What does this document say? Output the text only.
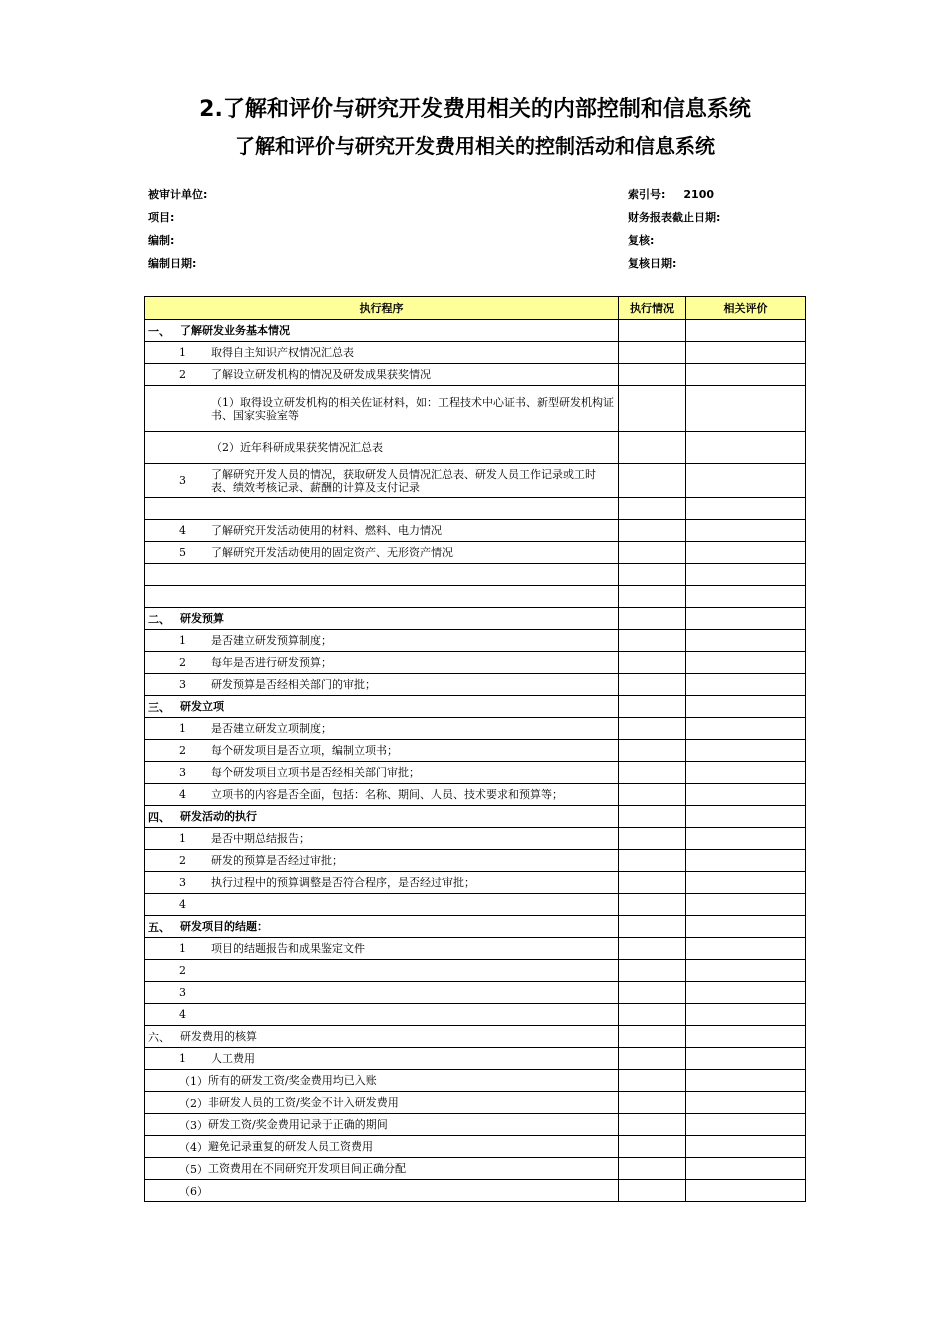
2.了解和评价与研究开发费用相关的内部控制和信息系统
了解和评价与研究开发费用相关的控制活动和信息系统
被审计单位:
项目:
编制:
编制日期:
索引号: 2100
财务报表截止日期:
复核:
复核日期:
执行程序	执行情况	相关评价

一、 了解研发业务基本情况		

1 取得自主知识产权情况汇总表		

2 了解设立研发机构的情况及研发成果获奖情况		

（1）取得设立研发机构的相关佐证材料，如：工程技术中心证书、新型研发机构证书、国家实验室等		

（2）近年科研成果获奖情况汇总表		

3 了解研究开发人员的情况，获取研发人员情况汇总表、研发人员工作记录或工时表、绩效考核记录、薪酬的计算及支付记录		

4 了解研究开发活动使用的材料、燃料、电力情况		

5 了解研究开发活动使用的固定资产、无形资产情况		

二、 研发预算		

1 是否建立研发预算制度；		

2 每年是否进行研发预算；		

3 研发预算是否经相关部门的审批；		

三、 研发立项		

1 是否建立研发立项制度；		

2 每个研发项目是否立项，编制立项书；		

3 每个研发项目立项书是否经相关部门审批；		

4 立项书的内容是否全面，包括：名称、期间、人员、技术要求和预算等；		

四、 研发活动的执行		

1 是否中期总结报告；		

2 研发的预算是否经过审批；		

3 执行过程中的预算调整是否符合程序，是否经过审批；		

4		

五、 研发项目的结题：		

1 项目的结题报告和成果鉴定文件		

2		

3		

4		

六、 研发费用的核算		

1 人工费用		

（1） 所有的研发工资/奖金费用均已入账		

（2） 非研发人员的工资/奖金不计入研发费用		

（3） 研发工资/奖金费用记录于正确的期间		

（4） 避免记录重复的研发人员工资费用		

（5） 工资费用在不同研究开发项目间正确分配		

（6）		
